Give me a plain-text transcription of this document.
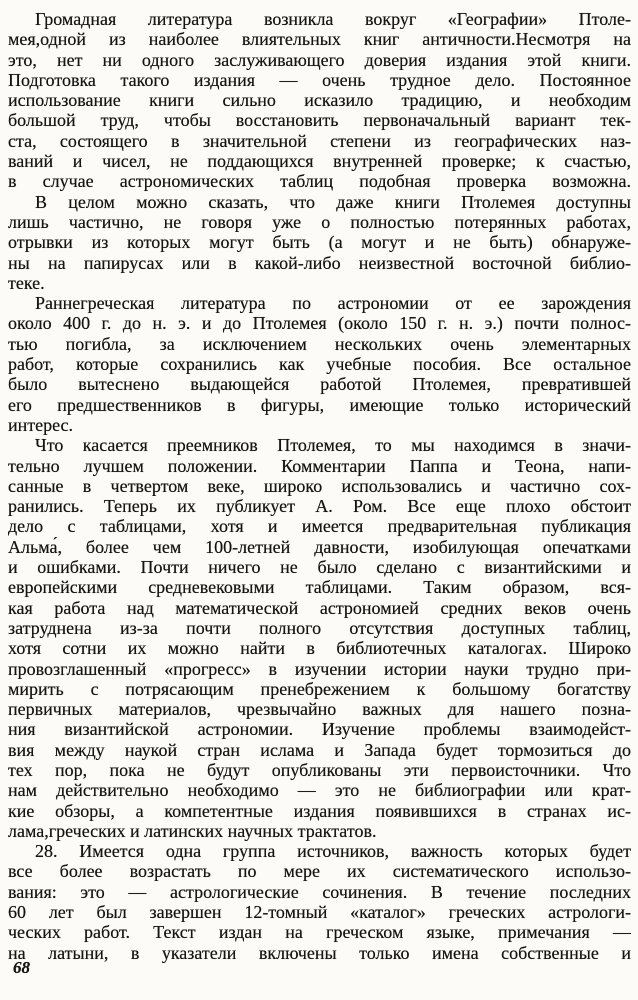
Громадная литература возникла вокруг «Географии» Птоле-
мея,одной из наиболее влиятельных книг античности.Несмотря на
это, нет ни одного заслуживающего доверия издания этой книги.
Подготовка такого издания — очень трудное дело. Постоянное
использование книги сильно исказило традицию, и необходим
большой труд, чтобы восстановить первоначальный вариант тек-
ста, состоящего в значительной степени из географических наз-
ваний и чисел, не поддающихся внутренней проверке; к счастью,
в случае астрономических таблиц подобная проверка возможна.
В целом можно сказать, что даже книги Птолемея доступны
лишь частично, не говоря уже о полностью потерянных работах,
отрывки из которых могут быть (а могут и не быть) обнаруже-
ны на папирусах или в какой-либо неизвестной восточной библио-
теке.
Раннегреческая литература по астрономии от ее зарождения
около 400 г. до н. э. и до Птолемея (около 150 г. н. э.) почти полнос-
тью погибла, за исключением нескольких очень элементарных
работ, которые сохранились как учебные пособия. Все остальное
было вытеснено выдающейся работой Птолемея, превратившей
его предшественников в фигуры, имеющие только исторический
интерес.
Что касается преемников Птолемея, то мы находимся в значи-
тельно лучшем положении. Комментарии Паппа и Теона, напи-
санные в четвертом веке, широко использовались и частично сох-
ранились. Теперь их публикует А. Ром. Все еще плохо обстоит
дело с таблицами, хотя и имеется предварительная публикация
Альма́, более чем 100-летней давности, изобилующая опечатками
и ошибками. Почти ничего не было сделано с византийскими и
европейскими средневековыми таблицами. Таким образом, вся-
кая работа над математической астрономией средних веков очень
затруднена из-за почти полного отсутствия доступных таблиц,
хотя сотни их можно найти в библиотечных каталогах. Широко
провозглашенный «прогресс» в изучении истории науки трудно при-
мирить с потрясающим пренебрежением к большому богатству
первичных материалов, чрезвычайно важных для нашего позна-
ния византийской астрономии. Изучение проблемы взаимодейст-
вия между наукой стран ислама и Запада будет тормозиться до
тех пор, пока не будут опубликованы эти первоисточники. Что
нам действительно необходимо — это не библиографии или крат-
кие обзоры, а компетентные издания появившихся в странах ис-
лама,греческих и латинских научных трактатов.
28. Имеется одна группа источников, важность которых будет
все более возрастать по мере их систематического использо-
вания: это — астрологические сочинения. В течение последних
60 лет был завершен 12-томный «каталог» греческих астрологи-
ческих работ. Текст издан на греческом языке, примечания —
на латыни, в указатели включены только имена собственные и
68
